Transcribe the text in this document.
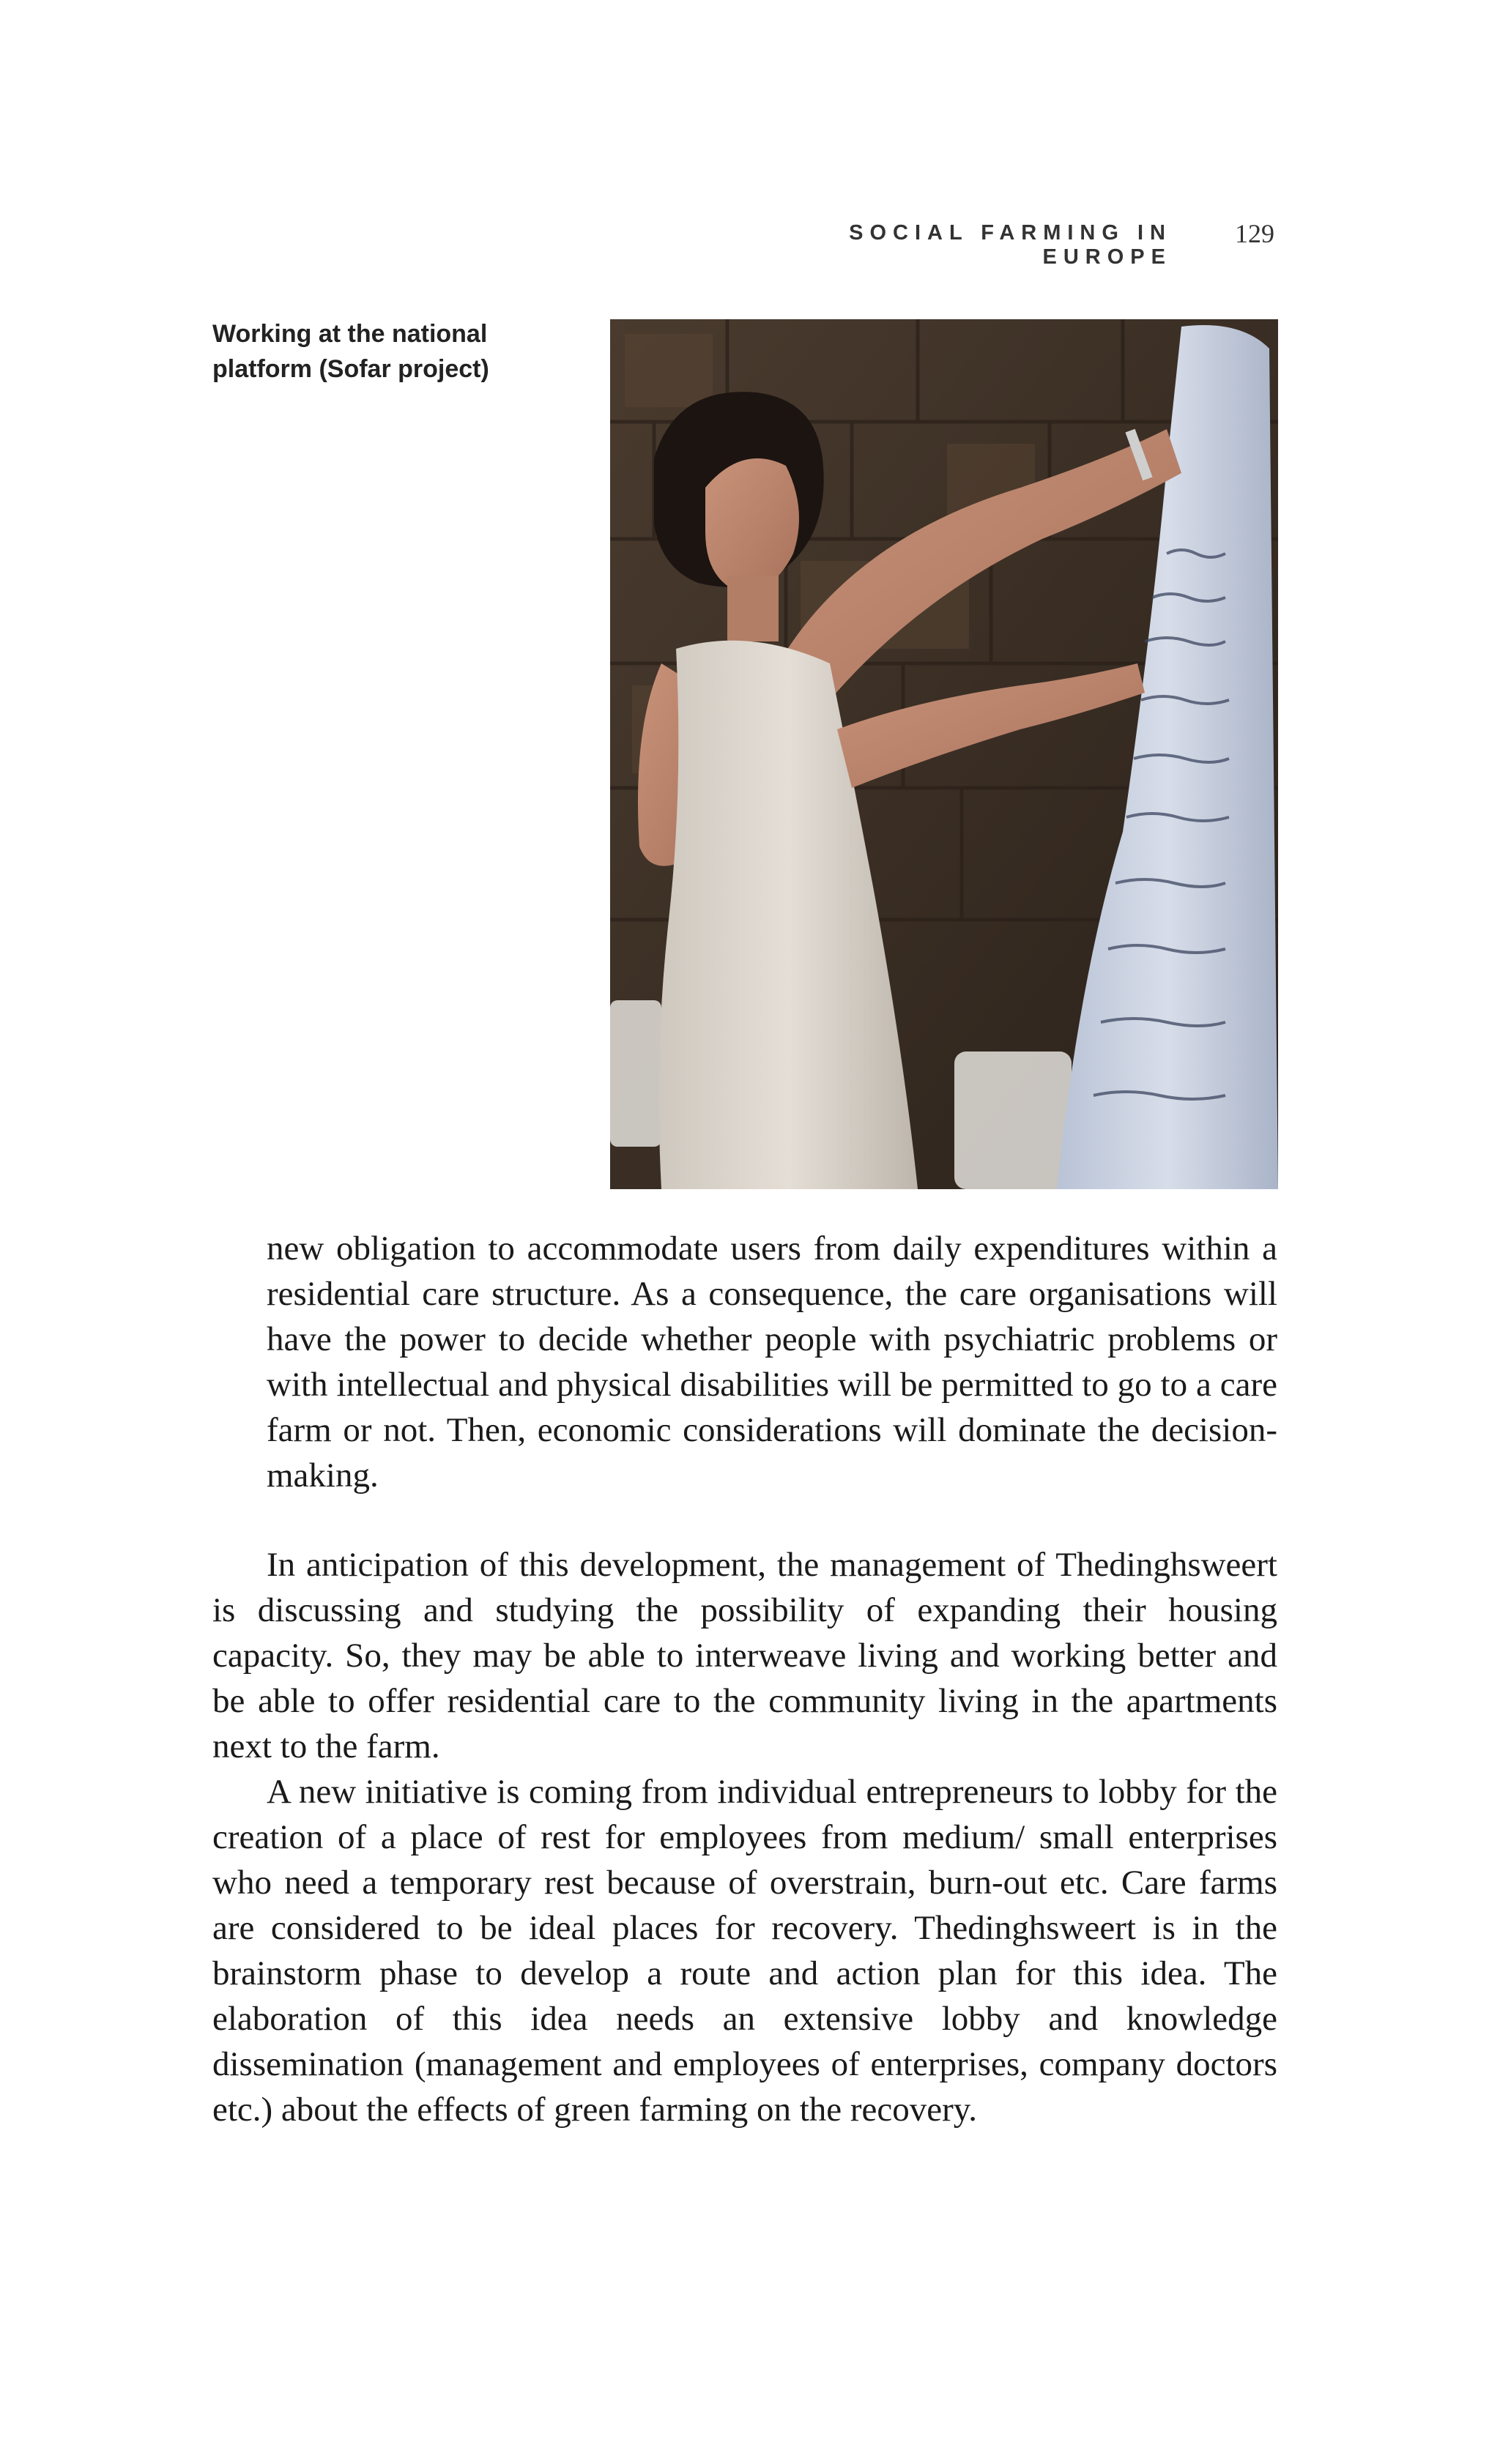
SOCIAL FARMING IN EUROPE
129
Working at the national platform (Sofar project)

new obligation to accommodate users from daily expenditures within a residential care structure. As a consequence, the care organisations will have the power to decide whether people with psychiatric problems or with intellectual and physical disabilities will be permitted to go to a care farm or not. Then, economic considerations will dominate the decision-making.

In anticipation of this development, the management of Thedinghsweert is discussing and studying the possibility of expanding their housing capacity. So, they may be able to interweave living and working better and be able to offer residential care to the community living in the apartments next to the farm.

A new initiative is coming from individual entrepreneurs to lobby for the creation of a place of rest for employees from medium/ small enterprises who need a temporary rest because of overstrain, burn-out etc. Care farms are considered to be ideal places for recovery. Thedinghsweert is in the brainstorm phase to develop a route and action plan for this idea. The elaboration of this idea needs an extensive lobby and knowledge dissemination (management and employees of enterprises, company doctors etc.) about the effects of green farming on the recovery.
